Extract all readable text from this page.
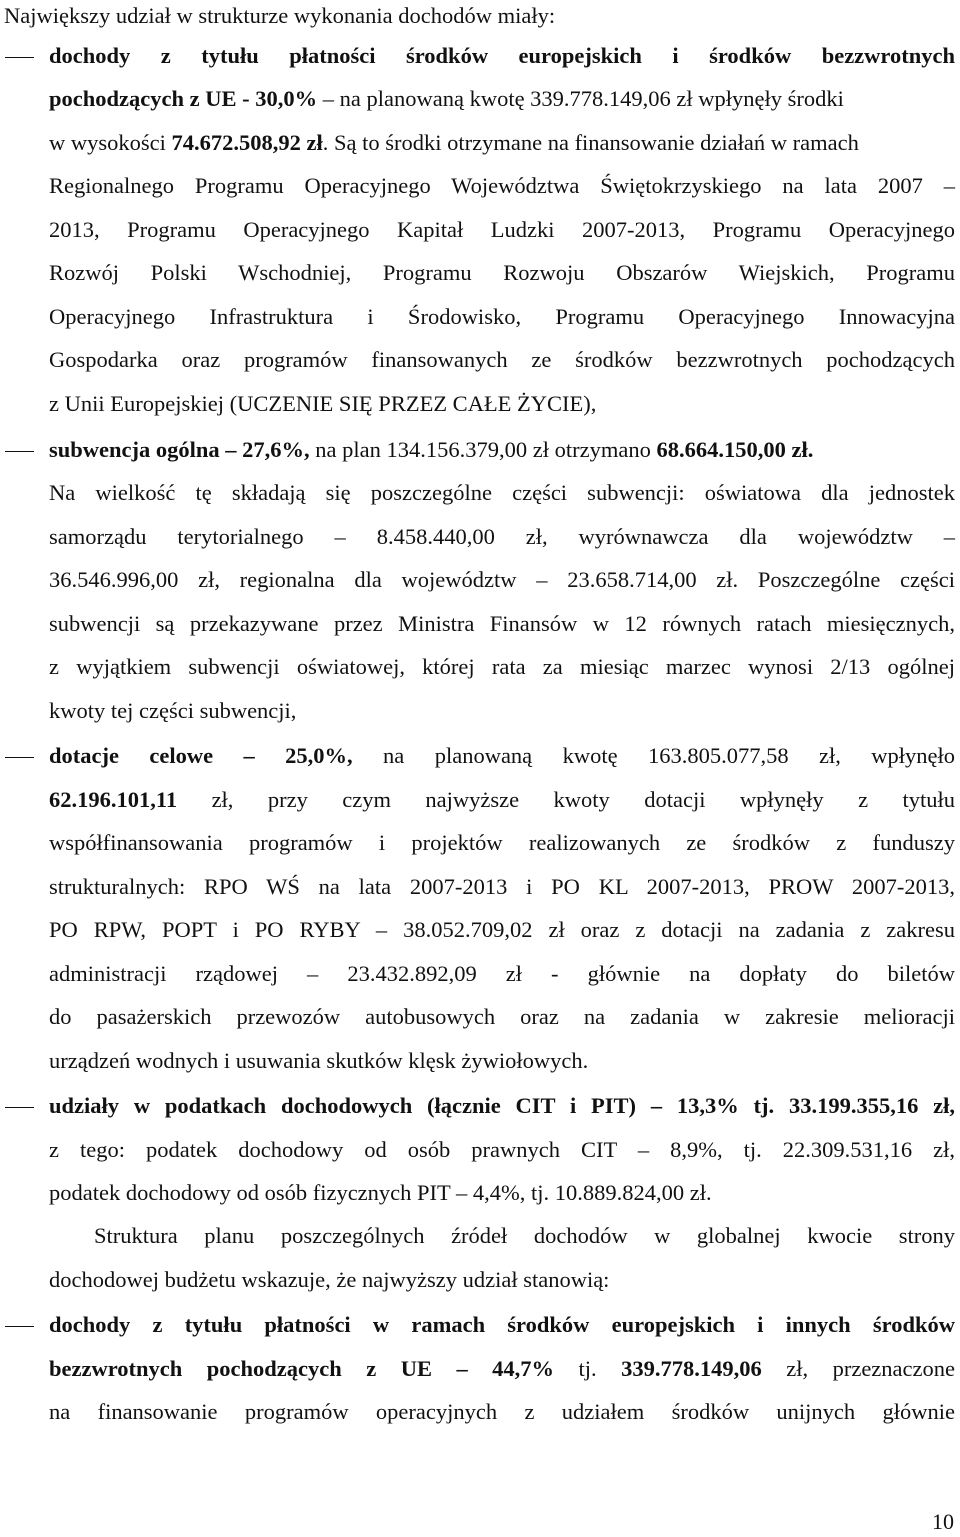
Największy udział w strukturze wykonania dochodów miały:
dochody z tytułu płatności środków europejskich i środków bezzwrotnych
pochodzących z UE - 30,0% – na planowaną kwotę 339.778.149,06 zł wpłynęły środki
w wysokości 74.672.508,92 zł. Są to środki otrzymane na finansowanie działań w ramach
Regionalnego Programu Operacyjnego Województwa Świętokrzyskiego na lata 2007 –
2013, Programu Operacyjnego Kapitał Ludzki 2007-2013, Programu Operacyjnego
Rozwój Polski Wschodniej, Programu Rozwoju Obszarów Wiejskich, Programu
Operacyjnego Infrastruktura i Środowisko, Programu Operacyjnego Innowacyjna
Gospodarka oraz programów finansowanych ze środków bezzwrotnych pochodzących
z Unii Europejskiej (UCZENIE SIĘ PRZEZ CAŁE ŻYCIE),
subwencja ogólna – 27,6%, na plan 134.156.379,00 zł otrzymano 68.664.150,00 zł.
Na wielkość tę składają się poszczególne części subwencji: oświatowa dla jednostek
samorządu terytorialnego – 8.458.440,00 zł, wyrównawcza dla województw –
36.546.996,00 zł, regionalna dla województw – 23.658.714,00 zł. Poszczególne części
subwencji są przekazywane przez Ministra Finansów w 12 równych ratach miesięcznych,
z wyjątkiem subwencji oświatowej, której rata za miesiąc marzec wynosi 2/13 ogólnej
kwoty tej części subwencji,
dotacje celowe – 25,0%, na planowaną kwotę 163.805.077,58 zł, wpłynęło
62.196.101,11 zł, przy czym najwyższe kwoty dotacji wpłynęły z tytułu
współfinansowania programów i projektów realizowanych ze środków z funduszy
strukturalnych: RPO WŚ na lata 2007-2013 i PO KL 2007-2013, PROW 2007-2013,
PO RPW, POPT i PO RYBY – 38.052.709,02 zł oraz z dotacji na zadania z zakresu
administracji rządowej – 23.432.892,09 zł - głównie na dopłaty do biletów
do pasażerskich przewozów autobusowych oraz na zadania w zakresie melioracji
urządzeń wodnych i usuwania skutków klęsk żywiołowych.
udziały w podatkach dochodowych (łącznie CIT i PIT) – 13,3% tj. 33.199.355,16 zł,
z tego: podatek dochodowy od osób prawnych CIT – 8,9%, tj. 22.309.531,16 zł,
podatek dochodowy od osób fizycznych PIT – 4,4%, tj. 10.889.824,00 zł.
Struktura planu poszczególnych źródeł dochodów w globalnej kwocie strony
dochodowej budżetu wskazuje, że najwyższy udział stanowią:
dochody z tytułu płatności w ramach środków europejskich i innych środków
bezzwrotnych pochodzących z UE – 44,7% tj. 339.778.149,06 zł, przeznaczone
na finansowanie programów operacyjnych z udziałem środków unijnych głównie
10
